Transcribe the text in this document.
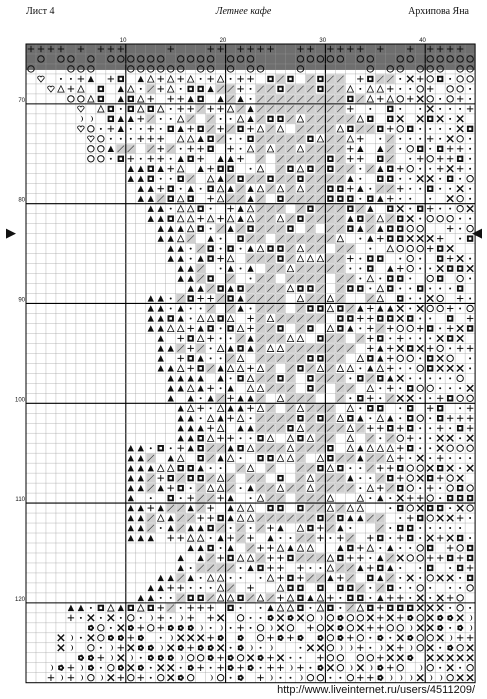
Лист 4	Летнее кафе	Архипова Яна
10	20	30	40
70
80
90
100
110
120
http://www.liveinternet.ru/users/4511209/
